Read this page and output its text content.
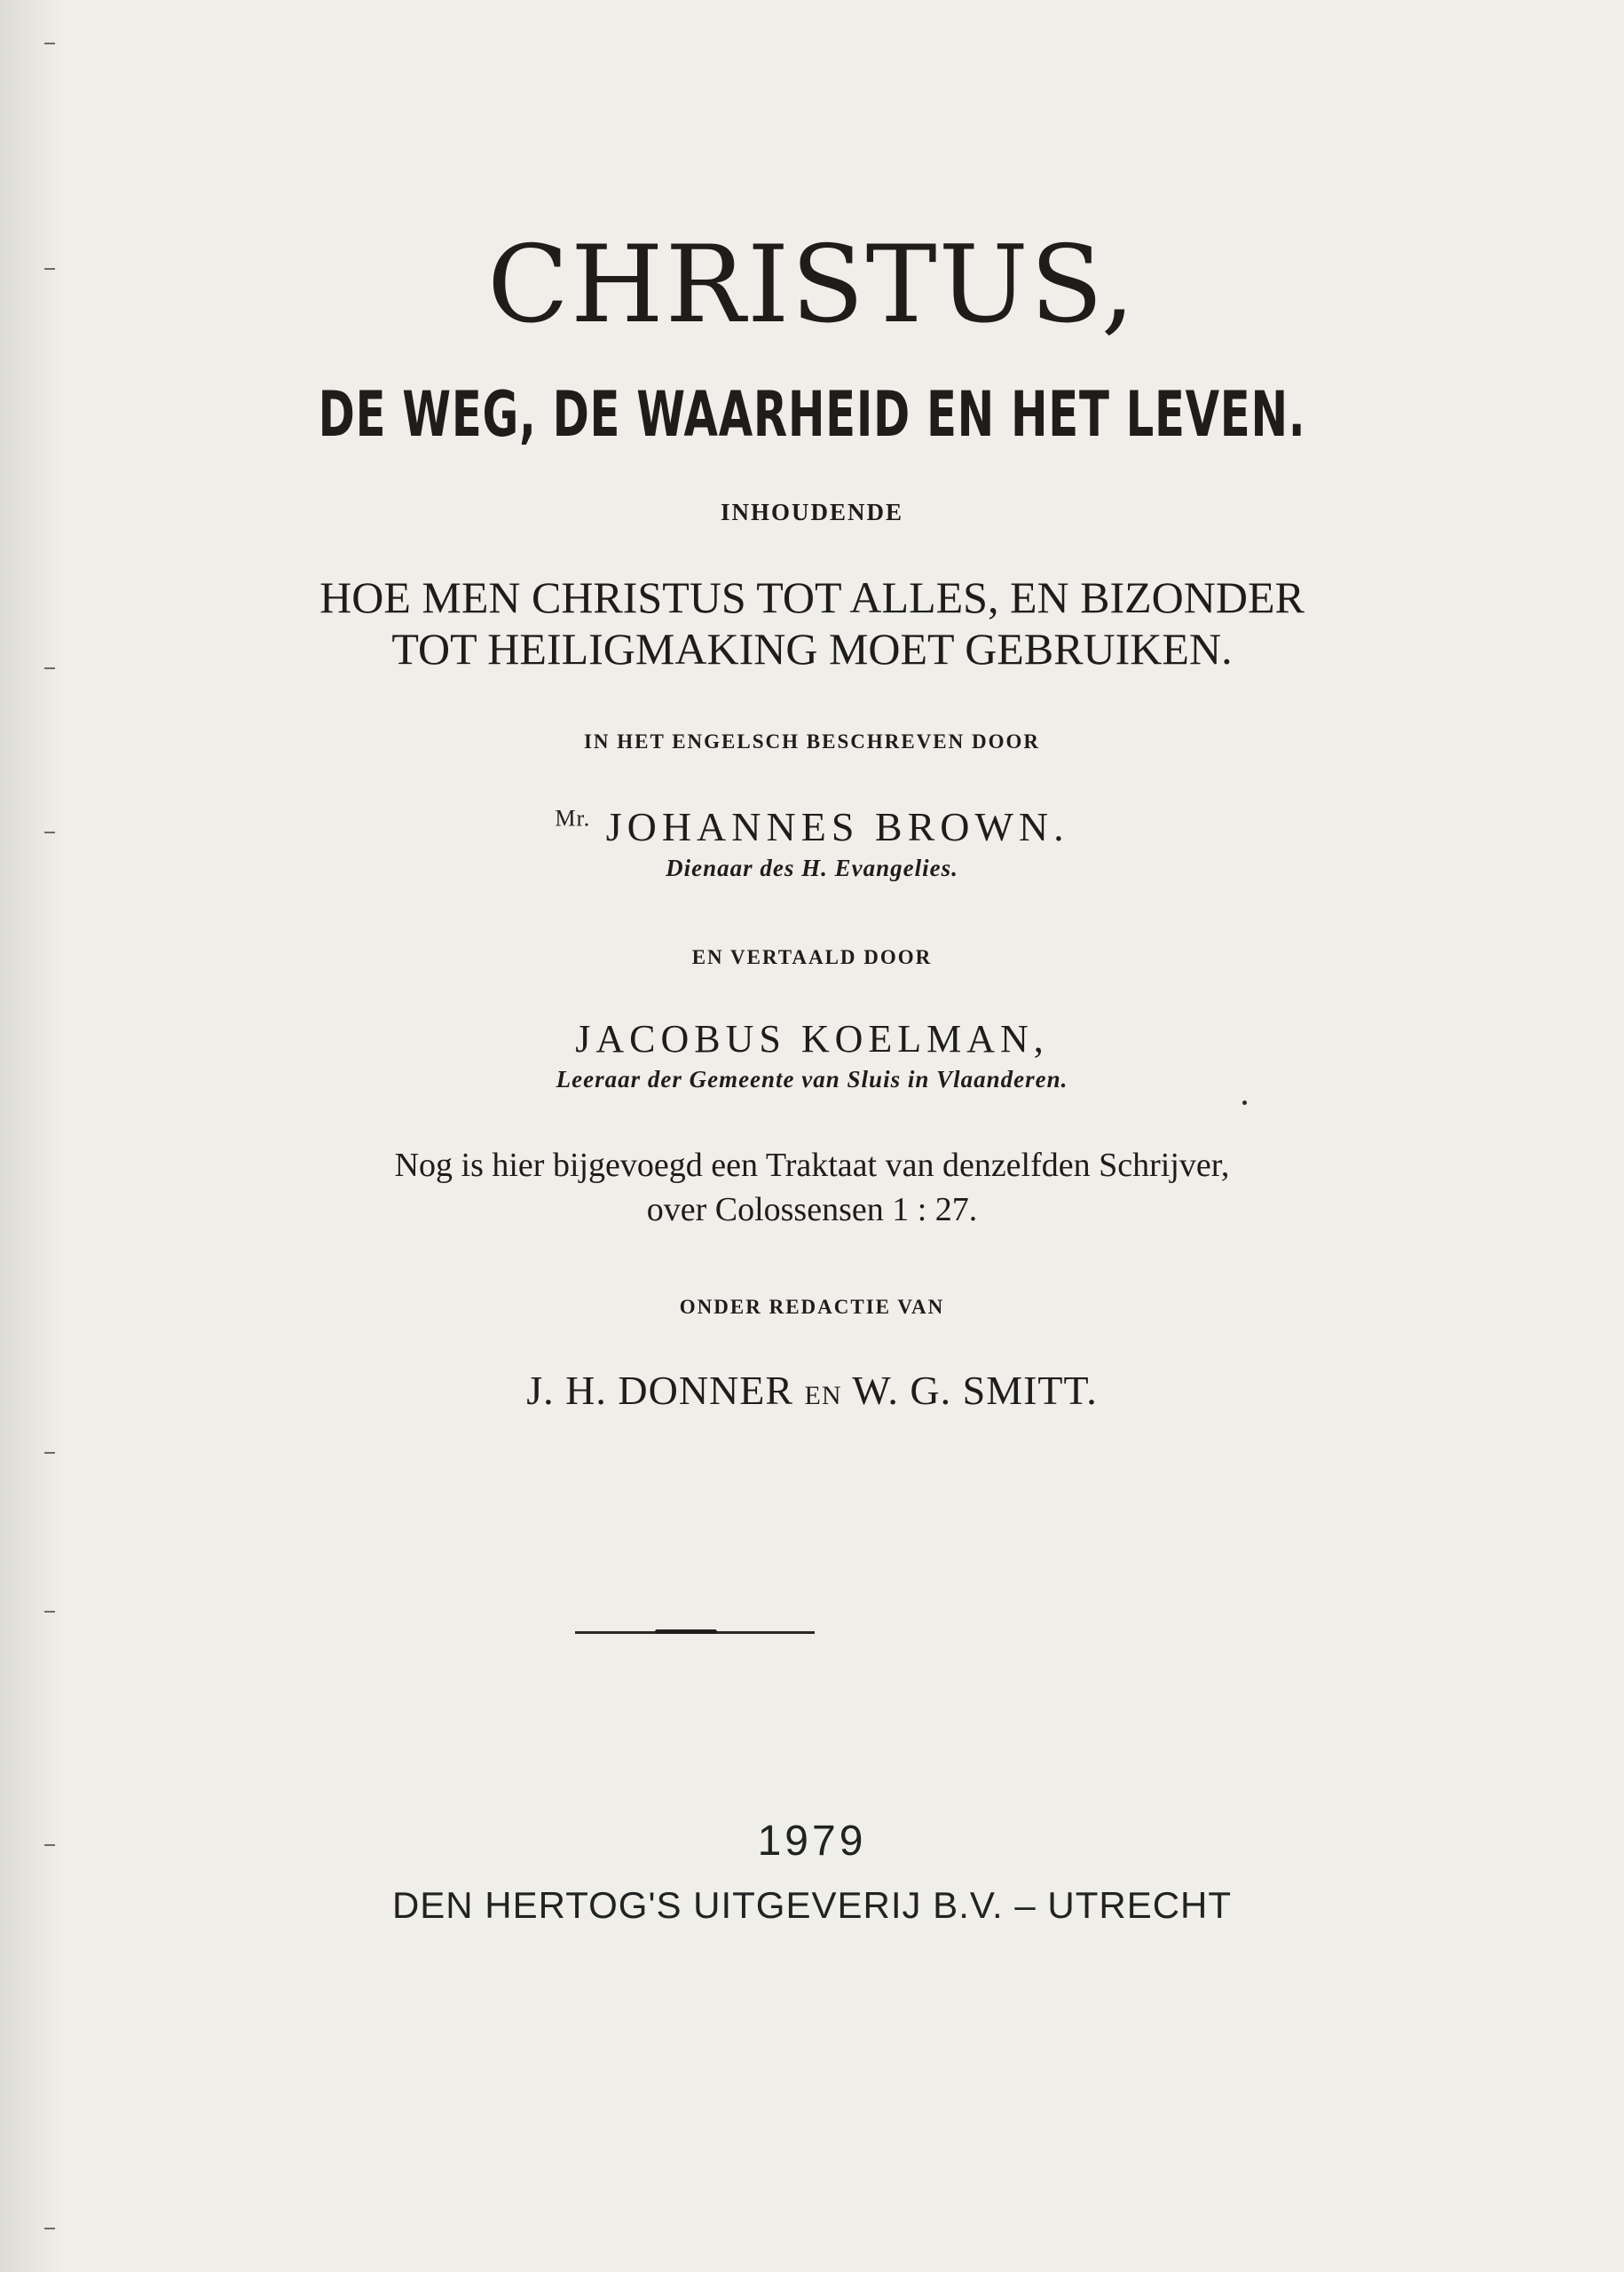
CHRISTUS,
DE WEG, DE WAARHEID EN HET LEVEN.
INHOUDENDE
HOE MEN CHRISTUS TOT ALLES, EN BIZONDER
TOT HEILIGMAKING MOET GEBRUIKEN.
IN HET ENGELSCH BESCHREVEN DOOR
$^{Mr.}$ JOHANNES BROWN.
Dienaar des H. Evangelies.
EN VERTAALD DOOR
JACOBUS KOELMAN,
Leeraar der Gemeente van Sluis in Vlaanderen.
Nog is hier bijgevoegd een Traktaat van denzelfden Schrijver,
over Colossensen 1 : 27.
ONDER REDACTIE VAN
J. H. DONNER EN W. G. SMITT.
1979
DEN HERTOG'S UITGEVERIJ B.V. – UTRECHT
